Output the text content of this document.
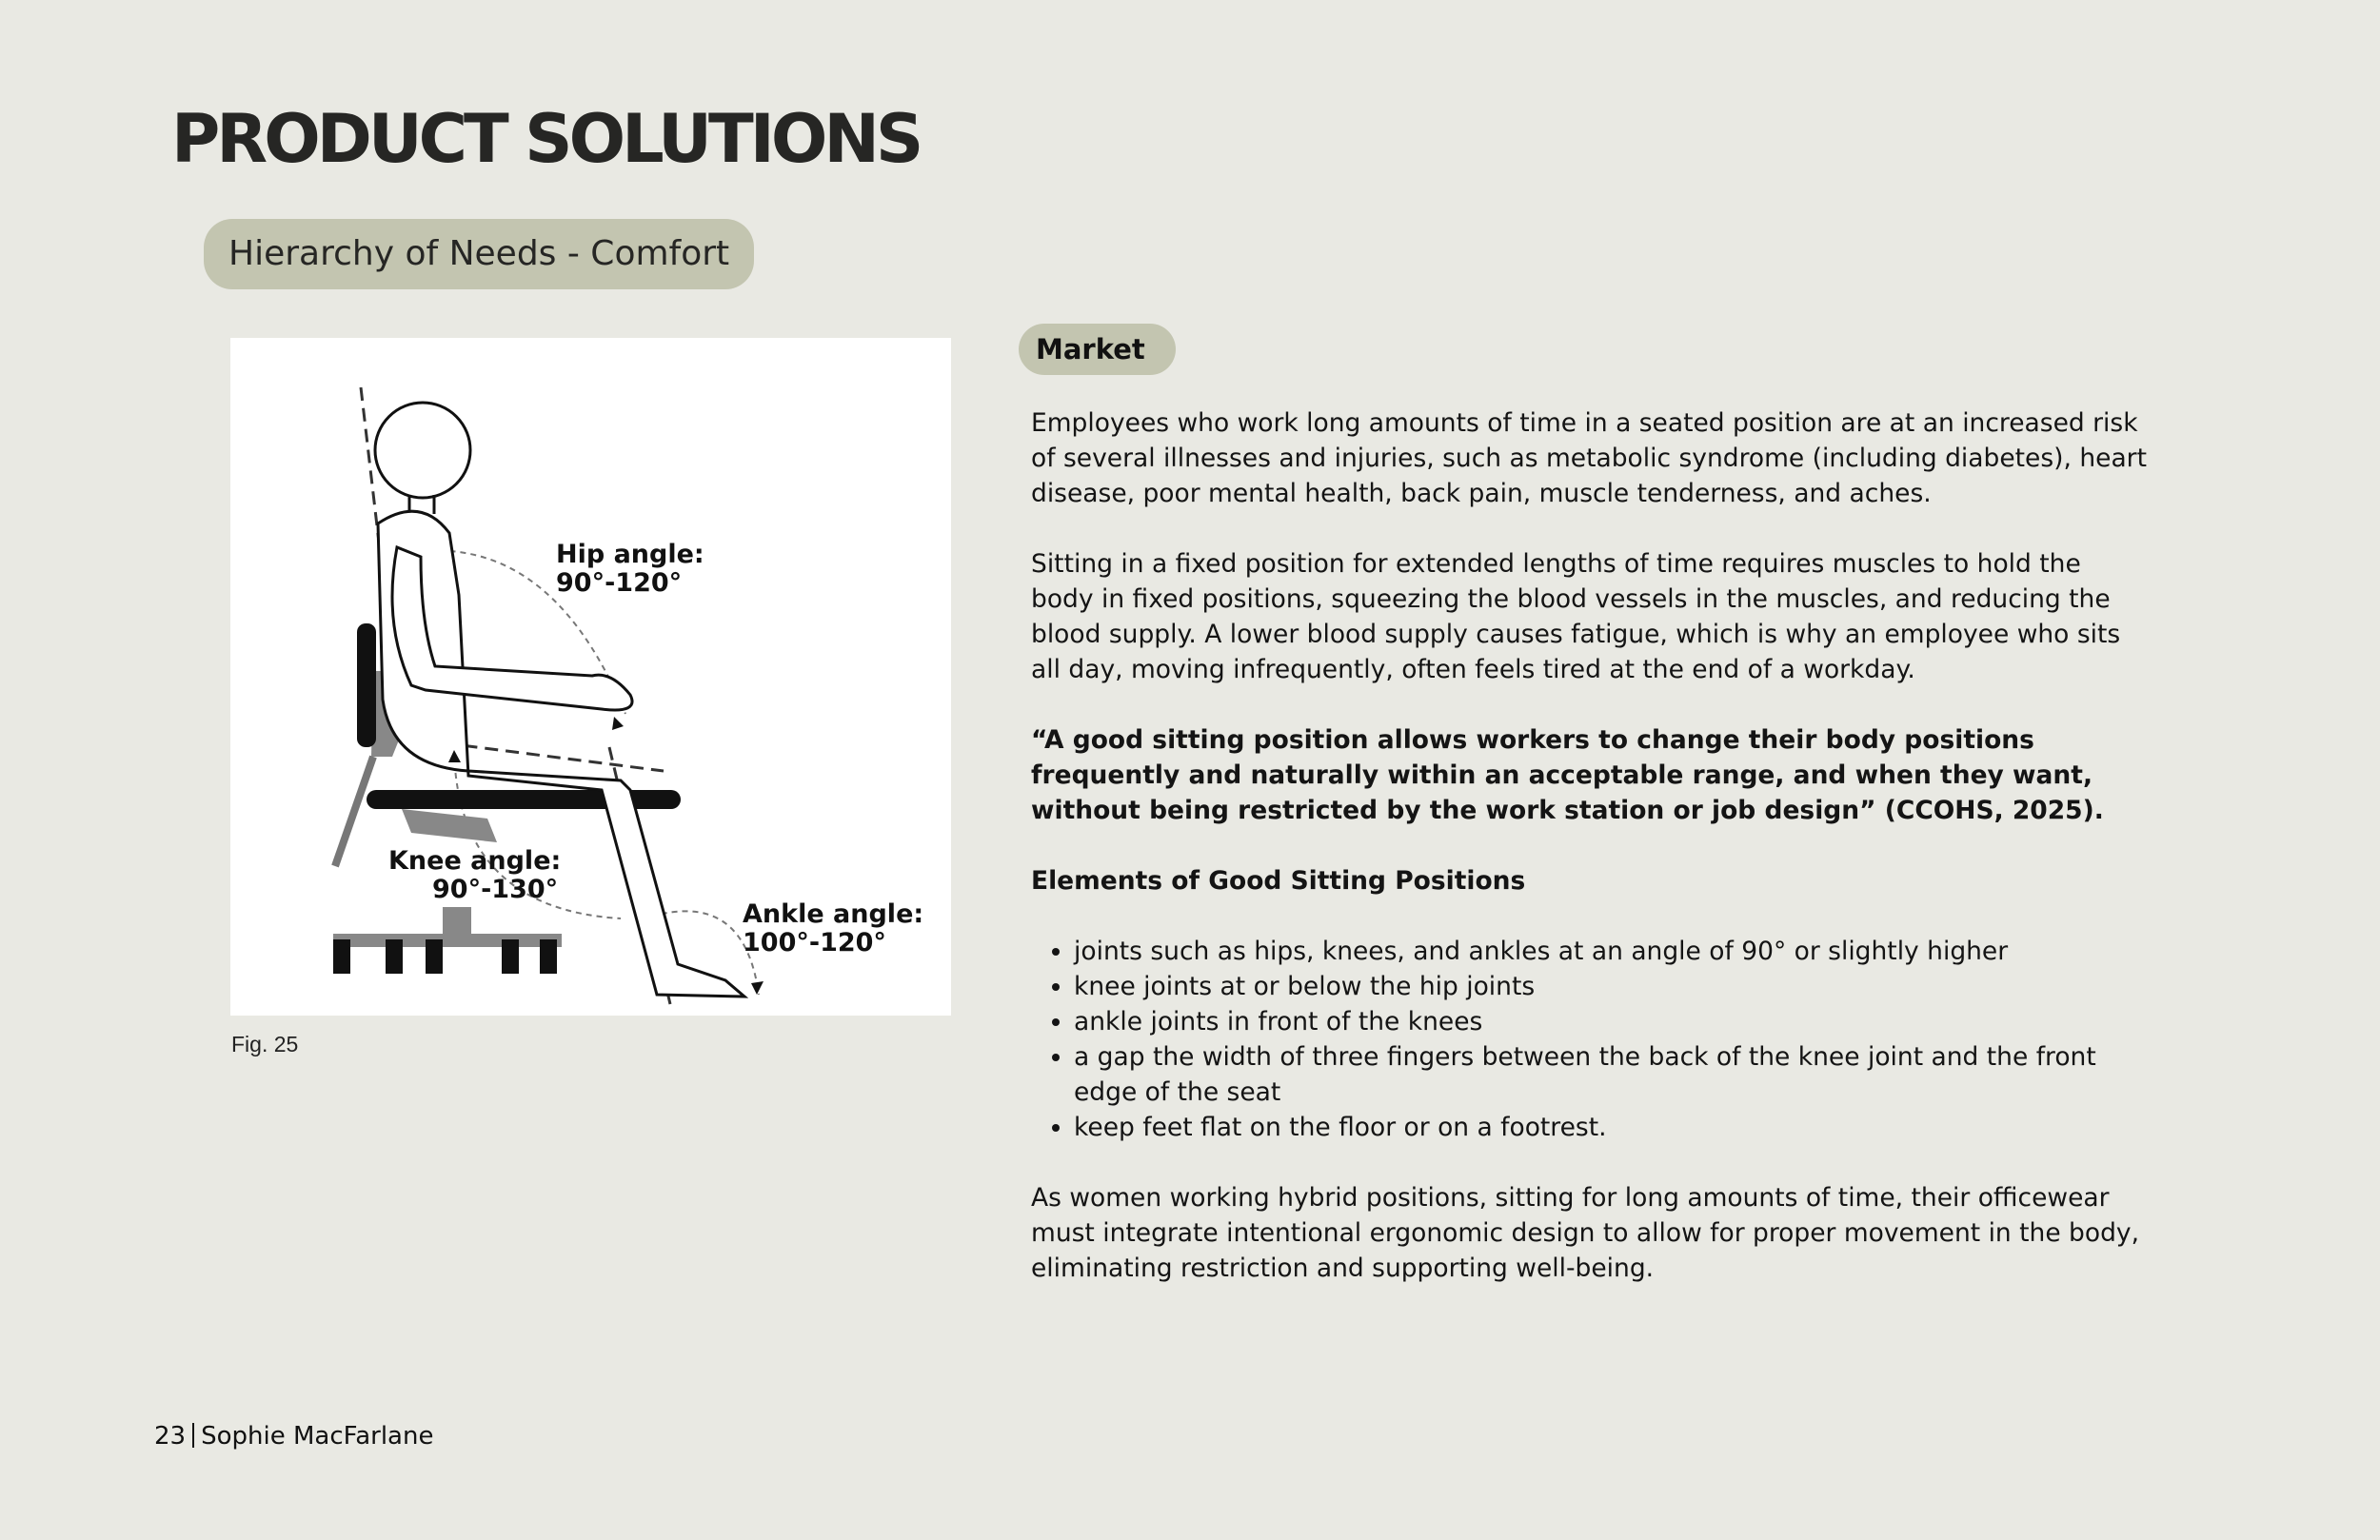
PRODUCT SOLUTIONS
Hierarchy of Needs - Comfort
Hip angle:
90°-120°
Knee angle:
90°-130°
Ankle angle:
100°-120°
Fig. 25
Market

Employees who work long amounts of time in a seated position are at an increased risk of several illnesses and injuries, such as metabolic syndrome (including diabetes), heart disease, poor mental health, back pain, muscle tenderness, and aches.

Sitting in a fixed position for extended lengths of time requires muscles to hold the body in fixed positions, squeezing the blood vessels in the muscles, and reducing the blood supply. A lower blood supply causes fatigue, which is why an employee who sits all day, moving infrequently, often feels tired at the end of a workday.

“A good sitting position allows workers to change their body positions frequently and naturally within an acceptable range, and when they want, without being restricted by the work station or job design” (CCOHS, 2025).

Elements of Good Sitting Positions

• joints such as hips, knees, and ankles at an angle of 90° or slightly higher
• knee joints at or below the hip joints
• ankle joints in front of the knees
• a gap the width of three fingers between the back of the knee joint and the front edge of the seat
• keep feet flat on the floor or on a footrest.

As women working hybrid positions, sitting for long amounts of time, their officewear must integrate intentional ergonomic design to allow for proper movement in the body, eliminating restriction and supporting well-being.

23 Sophie MacFarlane
